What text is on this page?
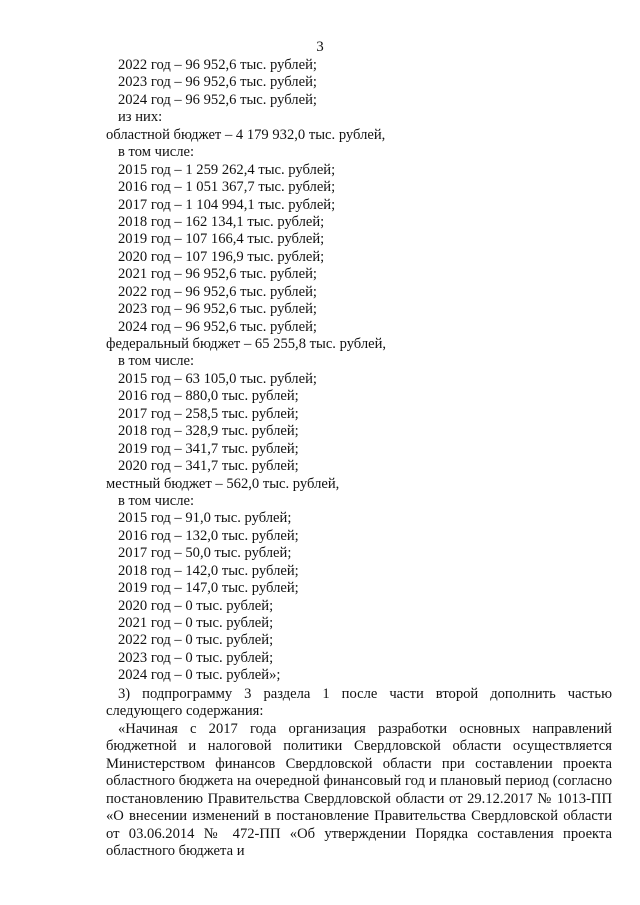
3
2022 год – 96 952,6 тыс. рублей;
2023 год – 96 952,6 тыс. рублей;
2024 год – 96 952,6 тыс. рублей;
из них:
областной бюджет – 4 179 932,0 тыс. рублей,
в том числе:
2015 год – 1 259 262,4 тыс. рублей;
2016 год – 1 051 367,7 тыс. рублей;
2017 год – 1 104 994,1 тыс. рублей;
2018 год – 162 134,1 тыс. рублей;
2019 год – 107 166,4 тыс. рублей;
2020 год – 107 196,9 тыс. рублей;
2021 год – 96 952,6 тыс. рублей;
2022 год – 96 952,6 тыс. рублей;
2023 год – 96 952,6 тыс. рублей;
2024 год – 96 952,6 тыс. рублей;
федеральный бюджет – 65 255,8 тыс. рублей,
в том числе:
2015 год – 63 105,0 тыс. рублей;
2016 год – 880,0 тыс. рублей;
2017 год – 258,5 тыс. рублей;
2018 год – 328,9 тыс. рублей;
2019 год – 341,7 тыс. рублей;
2020 год – 341,7 тыс. рублей;
местный бюджет – 562,0 тыс. рублей,
в том числе:
2015 год – 91,0 тыс. рублей;
2016 год – 132,0 тыс. рублей;
2017 год – 50,0 тыс. рублей;
2018 год – 142,0 тыс. рублей;
2019 год – 147,0 тыс. рублей;
2020 год – 0 тыс. рублей;
2021 год – 0 тыс. рублей;
2022 год – 0 тыс. рублей;
2023 год – 0 тыс. рублей;
2024 год – 0 тыс. рублей»;

3) подпрограмму 3 раздела 1 после части второй дополнить частью следующего содержания:

«Начиная с 2017 года организация разработки основных направлений бюджетной и налоговой политики Свердловской области осуществляется Министерством финансов Свердловской области при составлении проекта областного бюджета на очередной финансовый год и плановый период (согласно постановлению Правительства Свердловской области от 29.12.2017 № 1013-ПП «О внесении изменений в постановление Правительства Свердловской области от 03.06.2014 № 472-ПП «Об утверждении Порядка составления проекта областного бюджета и
